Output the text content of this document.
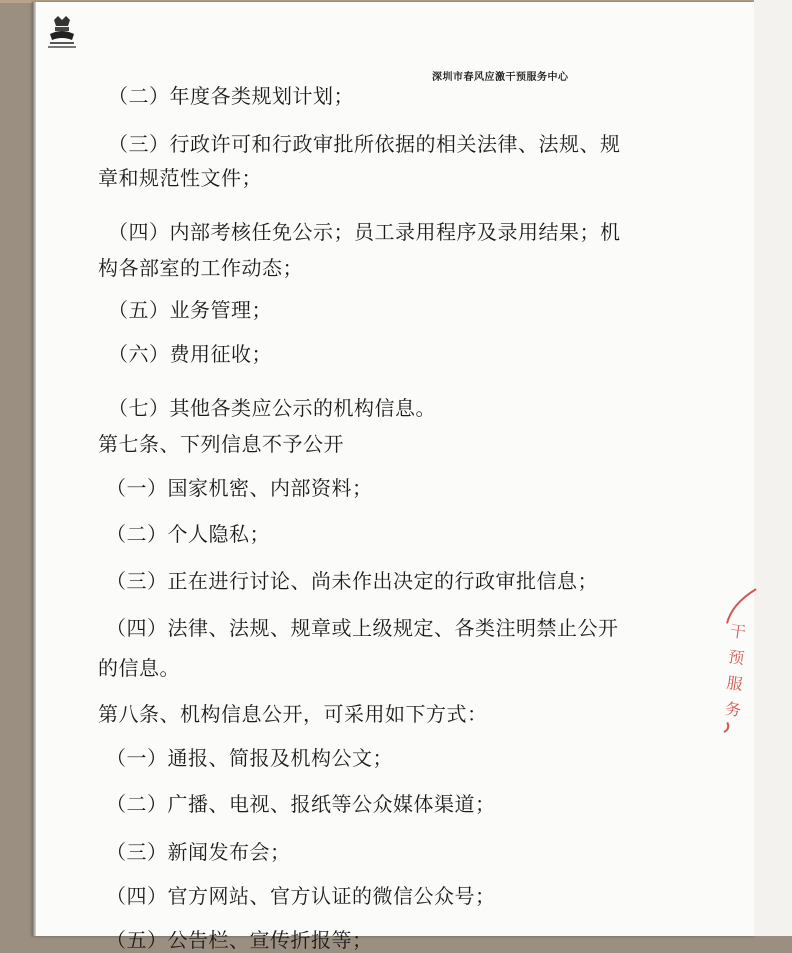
深圳市春风应激干预服务中心
（二）年度各类规划计划；
（三）行政许可和行政审批所依据的相关法律、法规、规
章和规范性文件；
（四）内部考核任免公示；员工录用程序及录用结果；机
构各部室的工作动态；
（五）业务管理；
（六）费用征收；
（七）其他各类应公示的机构信息。
第七条、下列信息不予公开
（一）国家机密、内部资料；
（二）个人隐私；
（三）正在进行讨论、尚未作出决定的行政审批信息；
（四）法律、法规、规章或上级规定、各类注明禁止公开
的信息。
第八条、机构信息公开，可采用如下方式：
（一）通报、简报及机构公文；
（二）广播、电视、报纸等公众媒体渠道；
（三）新闻发布会；
（四）官方网站、官方认证的微信公众号；
（五）公告栏、宣传折报等；
干
预
服
务
